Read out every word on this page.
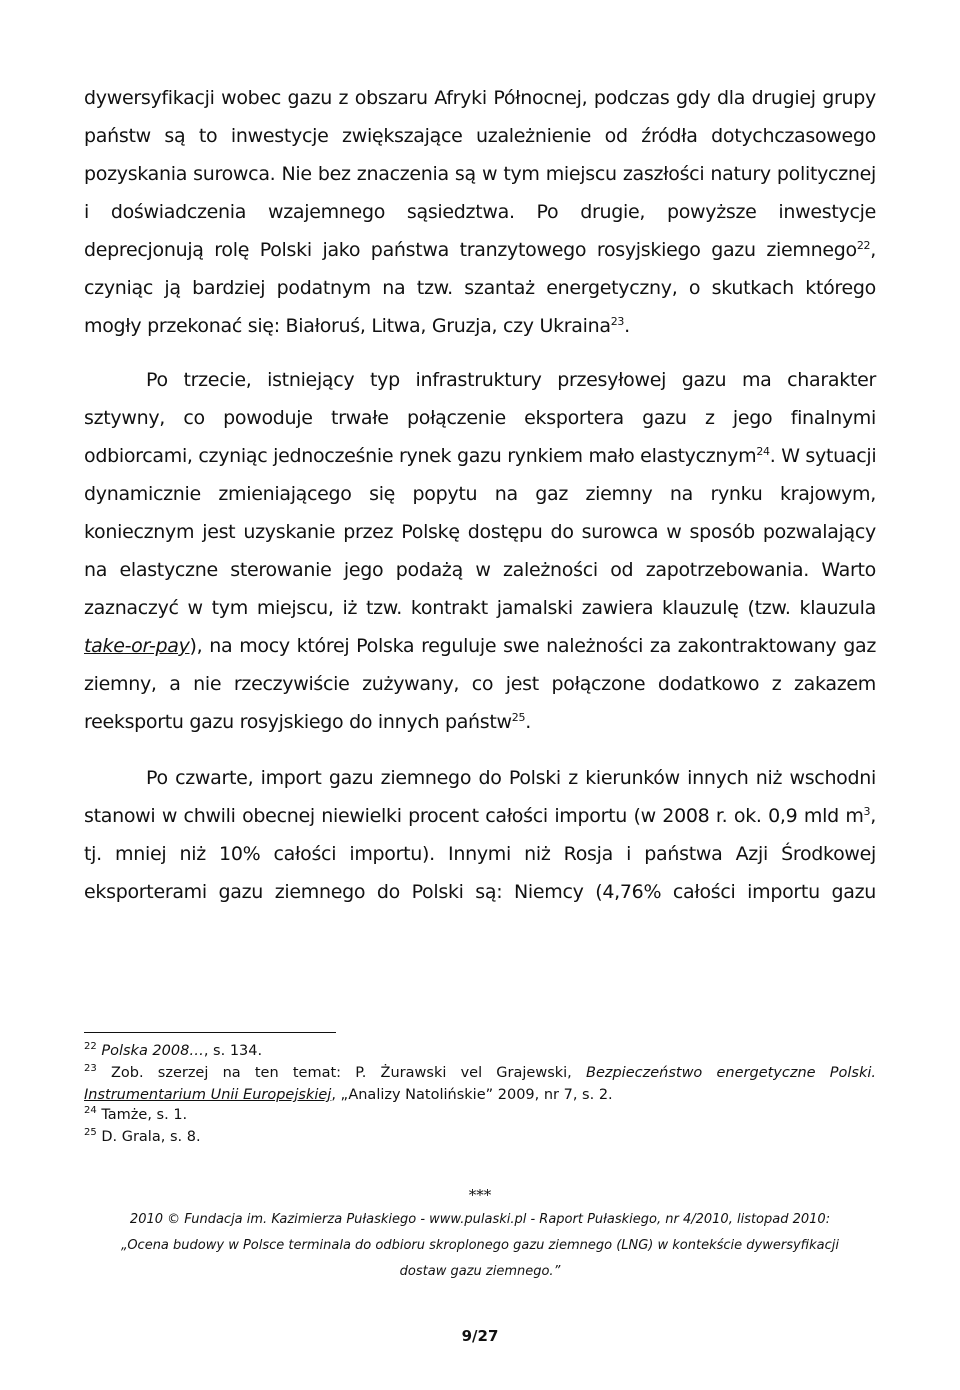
dywersyfikacji wobec gazu z obszaru Afryki Północnej, podczas gdy dla drugiej grupy
państw są to inwestycje zwiększające uzależnienie od źródła dotychczasowego
pozyskania surowca. Nie bez znaczenia są w tym miejscu zaszłości natury politycznej
i doświadczenia wzajemnego sąsiedztwa. Po drugie, powyższe inwestycje
deprecjonują rolę Polski jako państwa tranzytowego rosyjskiego gazu ziemnego$^{22}$,
czyniąc ją bardziej podatnym na tzw. szantaż energetyczny, o skutkach którego
mogły przekonać się: Białoruś, Litwa, Gruzja, czy Ukraina$^{23}$.
Po trzecie, istniejący typ infrastruktury przesyłowej gazu ma charakter
sztywny, co powoduje trwałe połączenie eksportera gazu z jego finalnymi
odbiorcami, czyniąc jednocześnie rynek gazu rynkiem mało elastycznym$^{24}$. W sytuacji
dynamicznie zmieniającego się popytu na gaz ziemny na rynku krajowym,
koniecznym jest uzyskanie przez Polskę dostępu do surowca w sposób pozwalający
na elastyczne sterowanie jego podażą w zależności od zapotrzebowania. Warto
zaznaczyć w tym miejscu, iż tzw. kontrakt jamalski zawiera klauzulę (tzw. klauzula
take-or-pay), na mocy której Polska reguluje swe należności za zakontraktowany gaz
ziemny, a nie rzeczywiście zużywany, co jest połączone dodatkowo z zakazem
reeksportu gazu rosyjskiego do innych państw$^{25}$.
Po czwarte, import gazu ziemnego do Polski z kierunków innych niż wschodni
stanowi w chwili obecnej niewielki procent całości importu (w 2008 r. ok. 0,9 mld $m^3$,
tj. mniej niż 10% całości importu). Innymi niż Rosja i państwa Azji Środkowej
eksporterami gazu ziemnego do Polski są: Niemcy (4,76% całości importu gazu
$^{22}$ Polska 2008…, s. 134.
$^{23}$ Zob. szerzej na ten temat: P. Żurawski vel Grajewski, Bezpieczeństwo energetyczne Polski.
Instrumentarium Unii Europejskiej, „Analizy Natolińskie” 2009, nr 7, s. 2.
$^{24}$ Tamże, s. 1.
$^{25}$ D. Grala, s. 8.
***
2010 © Fundacja im. Kazimierza Pułaskiego - www.pulaski.pl - Raport Pułaskiego, nr 4/2010, listopad 2010:
„Ocena budowy w Polsce terminala do odbioru skroplonego gazu ziemnego (LNG) w kontekście dywersyfikacji
dostaw gazu ziemnego.”
9/27
